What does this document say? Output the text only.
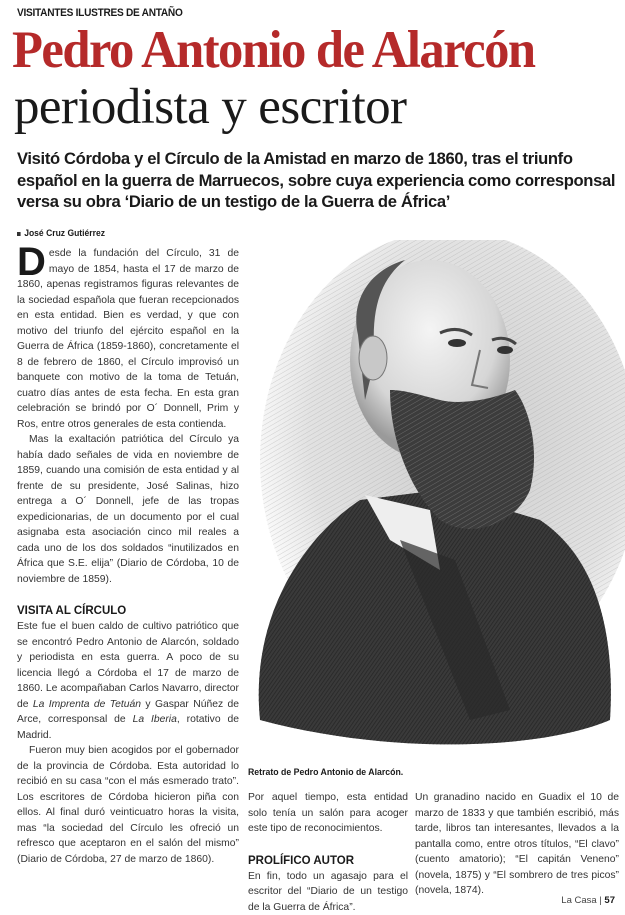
VISITANTES ILUSTRES DE ANTAÑO
Pedro Antonio de Alarcón
periodista y escritor
Visitó Córdoba y el Círculo de la Amistad en marzo de 1860, tras el triunfo
español en la guerra de Marruecos, sobre cuya experiencia como corresponsal
versa su obra ‘Diario de un testigo de la Guerra de África’
José Cruz Gutiérrez

Desde la fundación del Círculo, 31 de mayo de 1854, hasta el 17 de marzo de 1860, apenas registramos figuras relevantes de la sociedad española que fueran recepcionados en esta entidad. Bien es verdad, y que con motivo del triunfo del ejército español en la Guerra de África (1859-1860), concretamente el 8 de febrero de 1860, el Círculo improvisó un banquete con motivo de la toma de Tetuán, cuatro días antes de esta fecha. En esta gran celebración se brindó por O´ Donnell, Prim y Ros, entre otros generales de esta contienda.

Mas la exaltación patriótica del Círculo ya había dado señales de vida en noviembre de 1859, cuando una comisión de esta entidad y al frente de su presidente, José Salinas, hizo entrega a O´ Donnell, jefe de las tropas expedicionarias, de un documento por el cual asignaba esta asociación cinco mil reales a cada uno de los dos soldados “inutilizados en África que S.E. elija” (Diario de Córdoba, 10 de noviembre de 1859).

VISITA AL CÍRCULO

Este fue el buen caldo de cultivo patriótico que se encontró Pedro Antonio de Alarcón, soldado y periodista en esta guerra. A poco de su licencia llegó a Córdoba el 17 de marzo de 1860. Le acompañaban Carlos Navarro, director de La Imprenta de Tetuán y Gaspar Núñez de Arce, corresponsal de La Iberia, rotativo de Madrid.

Fueron muy bien acogidos por el gobernador de la provincia de Córdoba. Esta autoridad lo recibió en su casa “con el más esmerado trato”. Los escritores de Córdoba hicieron piña con ellos. Al final duró veinticuatro horas la visita, mas “la sociedad del Círculo les ofreció un refresco que aceptaron en el salón del mismo” (Diario de Córdoba, 27 de marzo de 1860).

Retrato de Pedro Antonio de Alarcón.

Por aquel tiempo, esta entidad solo tenía un salón para acoger este tipo de reconocimientos.

PROLÍFICO AUTOR

En fin, todo un agasajo para el escritor del “Diario de un testigo de la Guerra de África”.

Un granadino nacido en Guadix el 10 de marzo de 1833 y que también escribió, más tarde, libros tan interesantes, llevados a la pantalla como, entre otros títulos, “El clavo” (cuento amatorio); “El capitán Veneno” (novela, 1875) y “El sombrero de tres picos” (novela, 1874).

La Casa | 57
